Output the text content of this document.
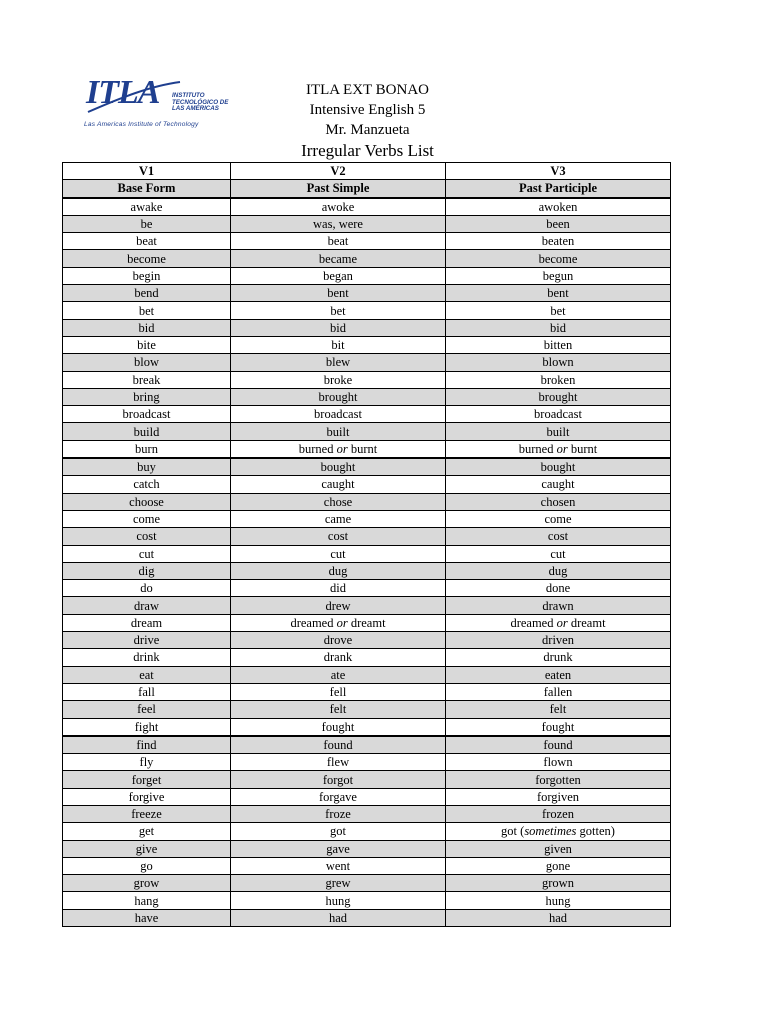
ITLA INSTITUTO
TECNOLÓGICO DE
LAS AMÉRICAS
Las Americas Institute of Technology
ITLA EXT BONAO
Intensive English 5
Mr. Manzueta
Irregular Verbs List
V1	V2	V3
Base Form	Past Simple	Past Participle
awake	awoke	awoken
be	was, were	been
beat	beat	beaten
become	became	become
begin	began	begun
bend	bent	bent
bet	bet	bet
bid	bid	bid
bite	bit	bitten
blow	blew	blown
break	broke	broken
bring	brought	brought
broadcast	broadcast	broadcast
build	built	built
burn	burned or burnt	burned or burnt
buy	bought	bought
catch	caught	caught
choose	chose	chosen
come	came	come
cost	cost	cost
cut	cut	cut
dig	dug	dug
do	did	done
draw	drew	drawn
dream	dreamed or dreamt	dreamed or dreamt
drive	drove	driven
drink	drank	drunk
eat	ate	eaten
fall	fell	fallen
feel	felt	felt
fight	fought	fought
find	found	found
fly	flew	flown
forget	forgot	forgotten
forgive	forgave	forgiven
freeze	froze	frozen
get	got	got (sometimes gotten)
give	gave	given
go	went	gone
grow	grew	grown
hang	hung	hung
have	had	had
